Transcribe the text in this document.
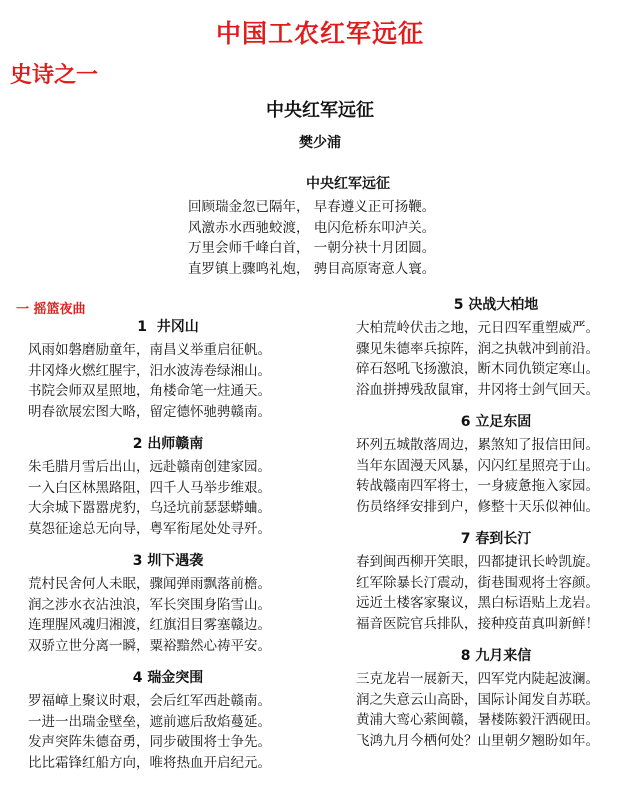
中国工农红军远征
史诗之一
中央红军远征
樊少浦
中央红军远征
回顾瑞金忽已隔年， 早春遵义正可扬鞭。
风激赤水西驰蛟渡， 电闪危桥东叩泸关。
万里会师千峰白首， 一朝分袂十月团圆。
直罗镇上骤鸣礼炮， 骋目高原寄意人寰。
一 摇篮夜曲
1 井冈山
风雨如磐磨励童年，南昌义举重启征帆。
井冈烽火燃红腥宇，汨水波涛卷绿湘山。
书院会师双星照地，角楼命笔一炷通天。
明春欲展宏图大略，留定德怀驰骋赣南。
2 出师赣南
朱毛腊月雪后出山，远赴赣南创建家园。
一入白区林黑路阻，四千人马举步维艰。
大余城下嚣嚣虎豹，乌迳坑前瑟瑟蟒蛐。
莫怨征途总无向导，粤军衔尾处处寻歼。
3 圳下遇袭
荒村民舍何人未眠，骤闻弹雨飘落前檐。
润之涉水衣沾浊浪，军长突围身陷雪山。
连理腥风魂归湘渡，红旗泪目雾塞赣边。
双骄立世分离一瞬，粟裕黯然心祷平安。
4 瑞金突围
罗福嶂上聚议时艰，会后红军西赴赣南。
一进一出瑞金壁垒，遮前遮后敌焰蔓延。
发声突阵朱德奋勇，同步破围将士争先。
比比霜锋红船方向，唯将热血开启纪元。
5 决战大柏地
大柏荒岭伏击之地，元日四军重塑威严。
骤见朱德率兵掠阵，润之执戟冲到前沿。
碎石怒吼飞扬激浪，断木同仇锁定寒山。
浴血拼搏残敌鼠窜，井冈将士剑气回天。
6 立足东固
环列五城散落周边，累煞知了报信田间。
当年东固漫天风暴，闪闪红星照亮于山。
转战赣南四军将士，一身疲惫拖入家园。
伤员络绎安排到户，修整十天乐似神仙。
7 春到长汀
春到闽西柳开笑眼，四都捷讯长岭凯旋。
红军除暴长汀震动，街巷围观将士容颜。
远近土楼客家聚议，黑白标语贴上龙岩。
福音医院官兵排队，接种疫苗真叫新鲜！
8 九月来信
三克龙岩一展新天，四军党内陡起波澜。
润之失意云山高卧，国际讣闻发自苏联。
黄浦大鸾心萦闽赣，暑楼陈毅汗洒砚田。
飞鸿九月今栖何处？山里朝夕翘盼如年。
